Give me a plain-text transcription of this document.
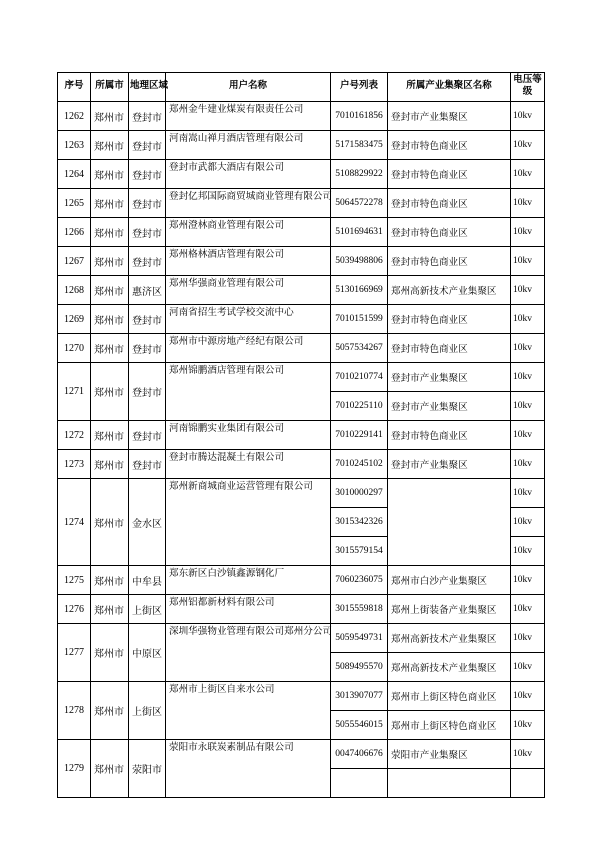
序号	所属市	地理区域	用户名称	户号列表	所属产业集聚区名称	电压等级
1262	郑州市	登封市	郑州金牛建业煤炭有限责任公司	7010161856	登封市产业集聚区	10kv
1263	郑州市	登封市	河南嵩山禅月酒店管理有限公司	5171583475	登封市特色商业区	10kv
1264	郑州市	登封市	登封市武都大酒店有限公司	5108829922	登封市特色商业区	10kv
1265	郑州市	登封市	登封亿邦国际商贸城商业管理有限公司	5064572278	登封市特色商业区	10kv
1266	郑州市	登封市	郑州澄林商业管理有限公司	5101694631	登封市特色商业区	10kv
1267	郑州市	登封市	郑州格林酒店管理有限公司	5039498806	登封市特色商业区	10kv
1268	郑州市	惠济区	郑州华强商业管理有限公司	5130166969	郑州高新技术产业集聚区	10kv
1269	郑州市	登封市	河南省招生考试学校交流中心	7010151599	登封市特色商业区	10kv
1270	郑州市	登封市	郑州市中源房地产经纪有限公司	5057534267	登封市特色商业区	10kv
1271	郑州市	登封市	郑州锦鹏酒店管理有限公司	7010210774	登封市产业集聚区	10kv
				7010225110	登封市产业集聚区	10kv
1272	郑州市	登封市	河南锦鹏实业集团有限公司	7010229141	登封市特色商业区	10kv
1273	郑州市	登封市	登封市腾达混凝土有限公司	7010245102	登封市产业集聚区	10kv
1274	郑州市	金水区	郑州新商城商业运营管理有限公司	3010000297		10kv
				3015342326		10kv
				3015579154		10kv
1275	郑州市	中牟县	郑东新区白沙镇鑫源钢化厂	7060236075	郑州市白沙产业集聚区	10kv
1276	郑州市	上街区	郑州铝都新材料有限公司	3015559818	郑州上街装备产业集聚区	10kv
1277	郑州市	中原区	深圳华强物业管理有限公司郑州分公司	5059549731	郑州高新技术产业集聚区	10kv
				5089495570	郑州高新技术产业集聚区	10kv
1278	郑州市	上街区	郑州市上街区自来水公司	3013907077	郑州市上街区特色商业区	10kv
				5055546015	郑州市上街区特色商业区	10kv
1279	郑州市	荥阳市	荥阳市永联炭素制品有限公司	0047406676	荥阳市产业集聚区	10kv
